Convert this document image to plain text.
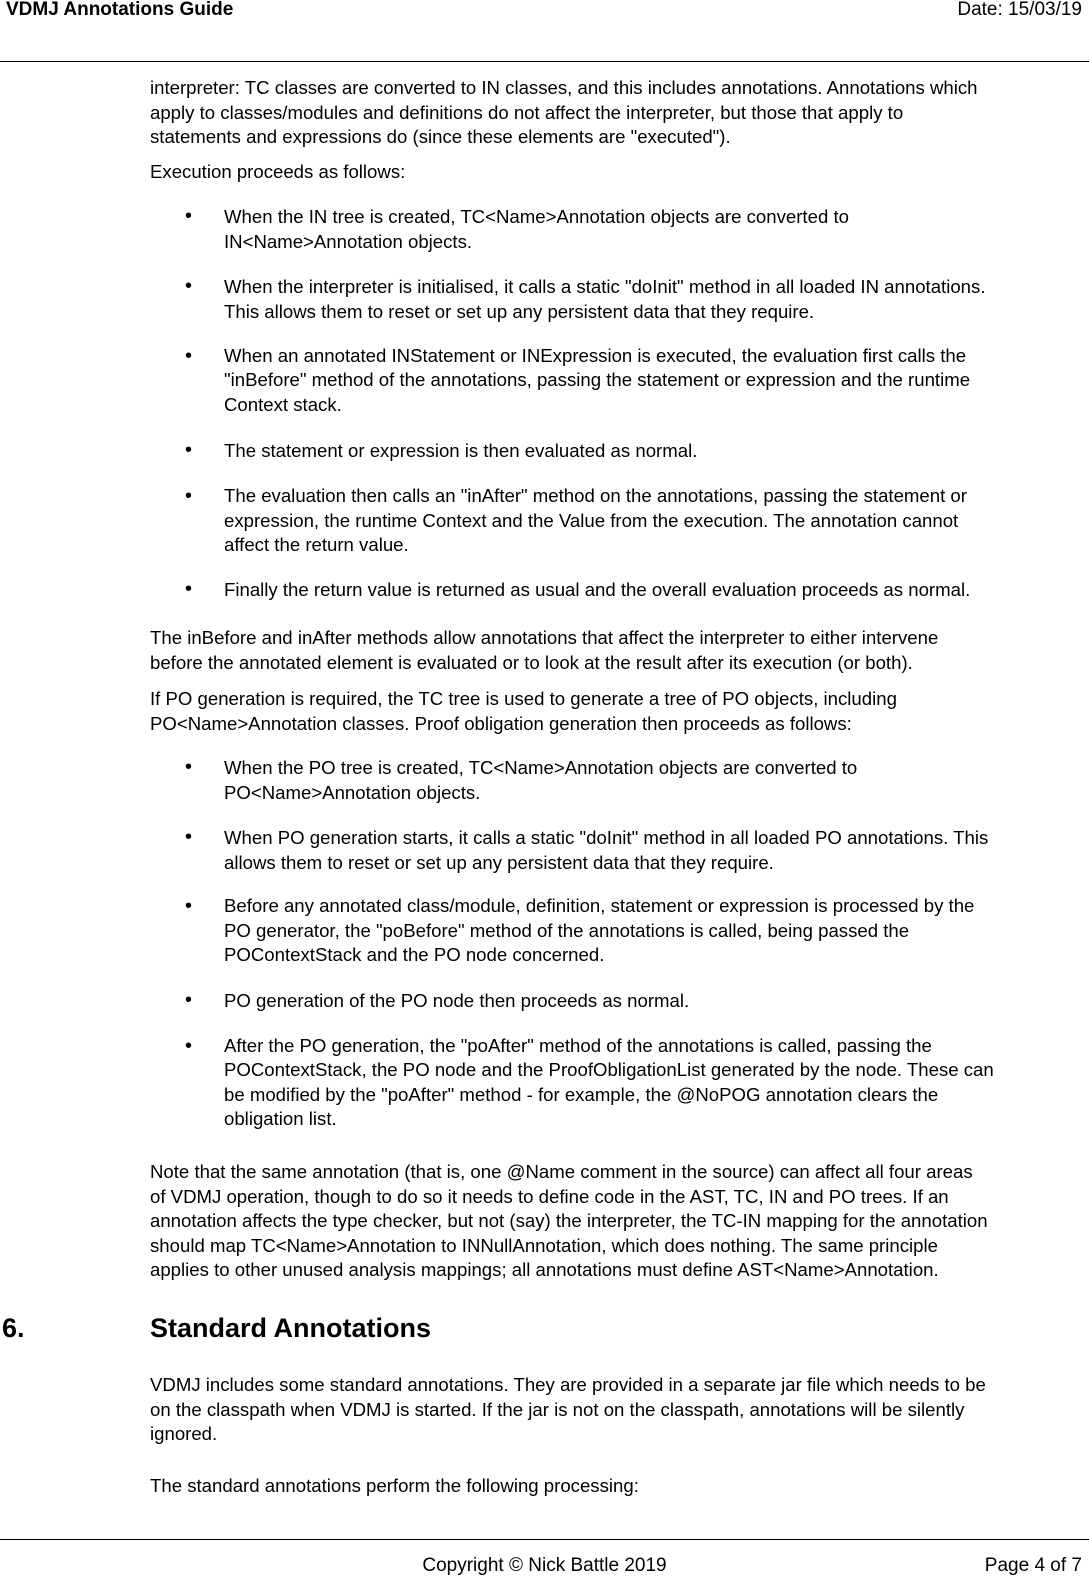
VDMJ Annotations Guide	Date: 15/03/19
interpreter: TC classes are converted to IN classes, and this includes annotations. Annotations which
apply to classes/modules and definitions do not affect the interpreter, but those that apply to
statements and expressions do (since these elements are "executed").
Execution proceeds as follows:
• When the IN tree is created, TC<Name>Annotation objects are converted to
IN<Name>Annotation objects.
• When the interpreter is initialised, it calls a static "doInit" method in all loaded IN annotations.
This allows them to reset or set up any persistent data that they require.
• When an annotated INStatement or INExpression is executed, the evaluation first calls the
"inBefore" method of the annotations, passing the statement or expression and the runtime
Context stack.
• The statement or expression is then evaluated as normal.
• The evaluation then calls an "inAfter" method on the annotations, passing the statement or
expression, the runtime Context and the Value from the execution. The annotation cannot
affect the return value.
• Finally the return value is returned as usual and the overall evaluation proceeds as normal.
The inBefore and inAfter methods allow annotations that affect the interpreter to either intervene
before the annotated element is evaluated or to look at the result after its execution (or both).
If PO generation is required, the TC tree is used to generate a tree of PO objects, including
PO<Name>Annotation classes. Proof obligation generation then proceeds as follows:
• When the PO tree is created, TC<Name>Annotation objects are converted to
PO<Name>Annotation objects.
• When PO generation starts, it calls a static "doInit" method in all loaded PO annotations. This
allows them to reset or set up any persistent data that they require.
• Before any annotated class/module, definition, statement or expression is processed by the
PO generator, the "poBefore" method of the annotations is called, being passed the
POContextStack and the PO node concerned.
• PO generation of the PO node then proceeds as normal.
• After the PO generation, the "poAfter" method of the annotations is called, passing the
POContextStack, the PO node and the ProofObligationList generated by the node. These can
be modified by the "poAfter" method - for example, the @NoPOG annotation clears the
obligation list.
Note that the same annotation (that is, one @Name comment in the source) can affect all four areas
of VDMJ operation, though to do so it needs to define code in the AST, TC, IN and PO trees. If an
annotation affects the type checker, but not (say) the interpreter, the TC-IN mapping for the annotation
should map TC<Name>Annotation to INNullAnnotation, which does nothing. The same principle
applies to other unused analysis mappings; all annotations must define AST<Name>Annotation.
6.	Standard Annotations
VDMJ includes some standard annotations. They are provided in a separate jar file which needs to be
on the classpath when VDMJ is started. If the jar is not on the classpath, annotations will be silently
ignored.
The standard annotations perform the following processing:
Copyright © Nick Battle 2019	Page 4 of 7
